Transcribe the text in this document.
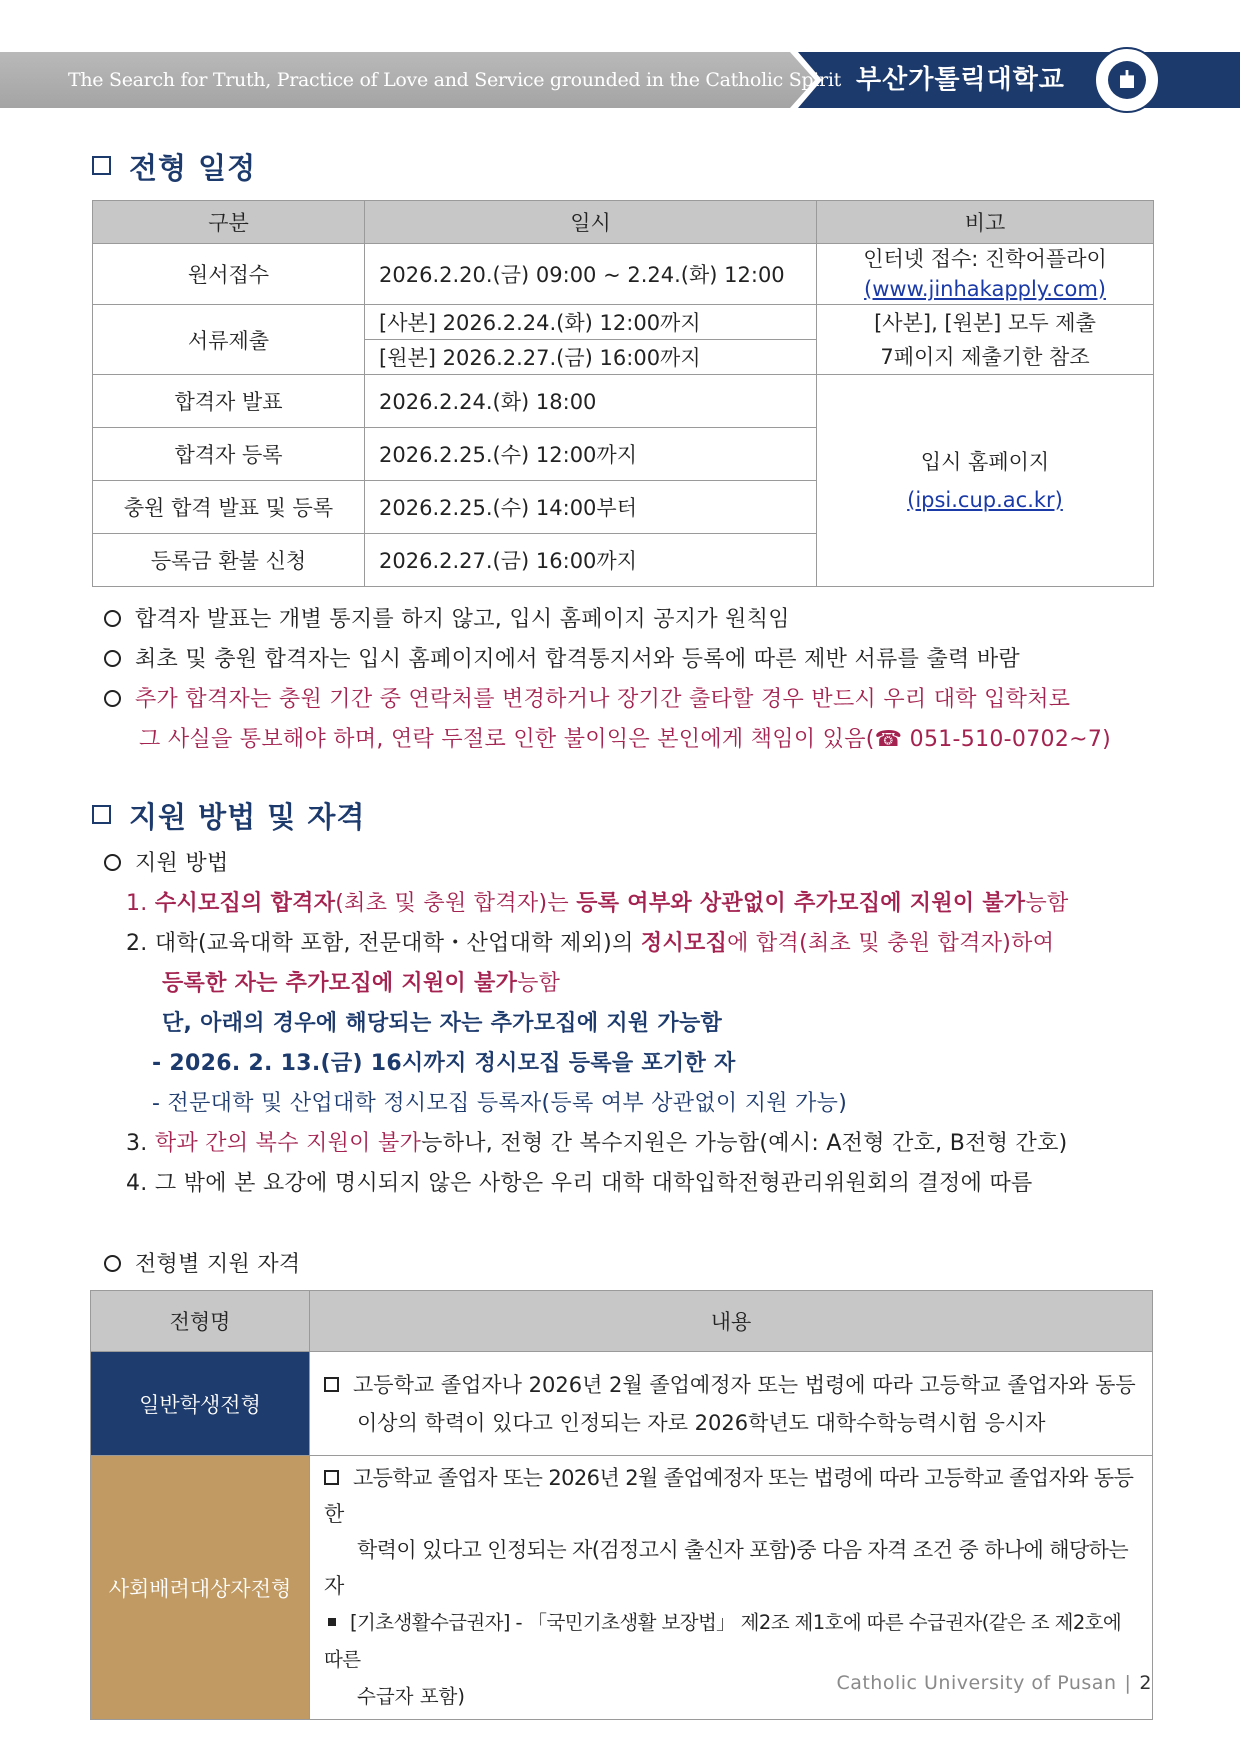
The Search for Truth, Practice of Love and Service grounded in the Catholic Spirit 부산가톨릭대학교
전형 일정
구분	일시	비고
원서접수	2026.2.20.(금) 09:00 ~ 2.24.(화) 12:00	인터넷 접수: 진학어플라이
(www.jinhakapply.com)
서류제출	[사본] 2026.2.24.(화) 12:00까지	[사본], [원본] 모두 제출
7페이지 제출기한 참조
	[원본] 2026.2.27.(금) 16:00까지	
합격자 발표	2026.2.24.(화) 18:00	입시 홈페이지
(ipsi.cup.ac.kr)
합격자 등록	2026.2.25.(수) 12:00까지	
충원 합격 발표 및 등록	2026.2.25.(수) 14:00부터	
등록금 환불 신청	2026.2.27.(금) 16:00까지	
합격자 발표는 개별 통지를 하지 않고, 입시 홈페이지 공지가 원칙임
최초 및 충원 합격자는 입시 홈페이지에서 합격통지서와 등록에 따른 제반 서류를 출력 바람
추가 합격자는 충원 기간 중 연락처를 변경하거나 장기간 출타할 경우 반드시 우리 대학 입학처로
그 사실을 통보해야 하며, 연락 두절로 인한 불이익은 본인에게 책임이 있음(☎ 051-510-0702~7)
지원 방법 및 자격
지원 방법
1. 수시모집의 합격자(최초 및 충원 합격자)는 등록 여부와 상관없이 추가모집에 지원이 불가능함
2. 대학(교육대학 포함, 전문대학・산업대학 제외)의 정시모집에 합격(최초 및 충원 합격자)하여
등록한 자는 추가모집에 지원이 불가능함
단, 아래의 경우에 해당되는 자는 추가모집에 지원 가능함
- 2026. 2. 13.(금) 16시까지 정시모집 등록을 포기한 자
- 전문대학 및 산업대학 정시모집 등록자(등록 여부 상관없이 지원 가능)
3. 학과 간의 복수 지원이 불가능하나, 전형 간 복수지원은 가능함(예시: A전형 간호, B전형 간호)
4. 그 밖에 본 요강에 명시되지 않은 사항은 우리 대학 대학입학전형관리위원회의 결정에 따름
전형별 지원 자격
전형명	내용
일반학생전형	고등학교 졸업자나 2026년 2월 졸업예정자 또는 법령에 따라 고등학교 졸업자와 동등
이상의 학력이 있다고 인정되는 자로 2026학년도 대학수학능력시험 응시자
사회배려대상자전형	고등학교 졸업자 또는 2026년 2월 졸업예정자 또는 법령에 따라 고등학교 졸업자와 동등한
학력이 있다고 인정되는 자(검정고시 출신자 포함)중 다음 자격 조건 중 하나에 해당하는 자
[기초생활수급권자] - 「국민기초생활 보장법」 제2조 제1호에 따른 수급권자(같은 조 제2호에 따른
수급자 포함)
Catholic University of Pusan | 2
